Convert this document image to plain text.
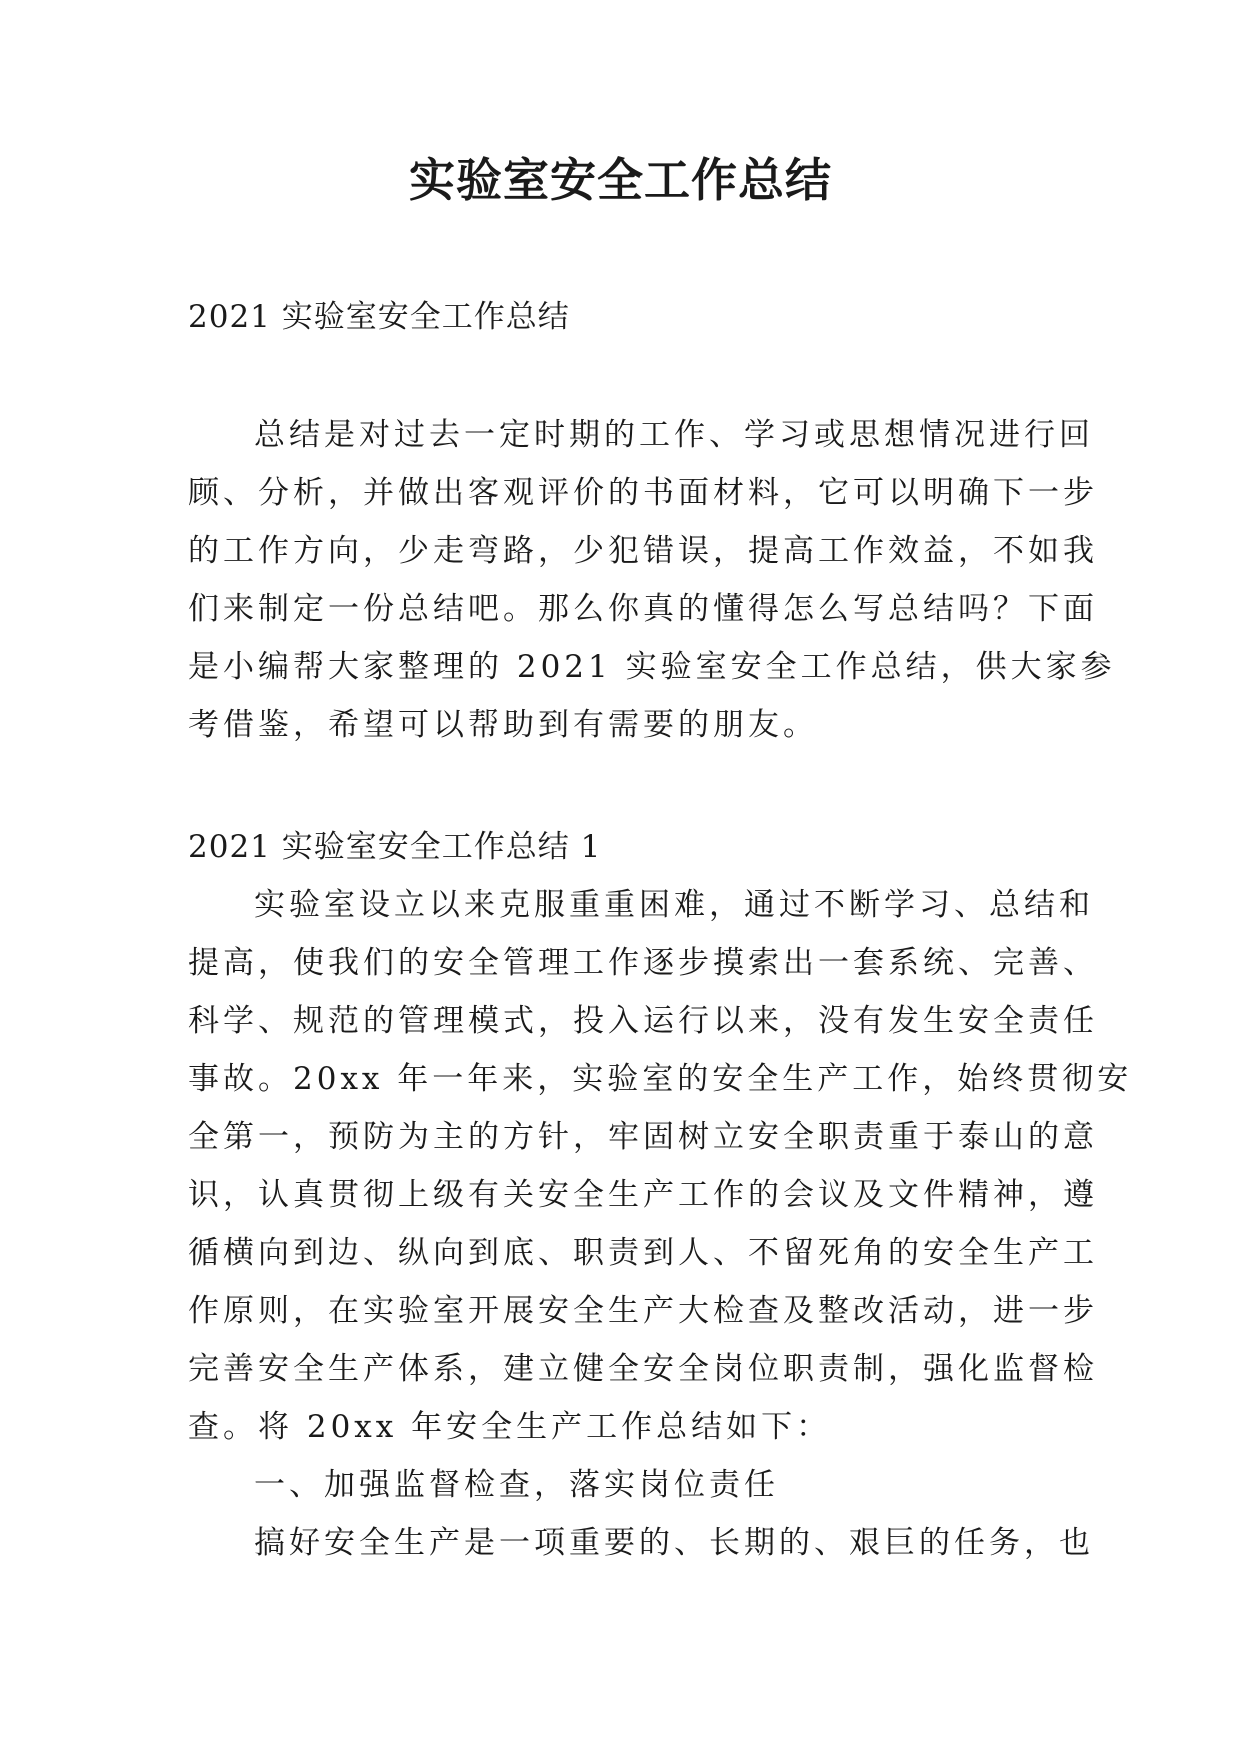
实验室安全工作总结
2021 实验室安全工作总结
总结是对过去一定时期的工作、学习或思想情况进行回
顾、分析，并做出客观评价的书面材料，它可以明确下一步
的工作方向，少走弯路，少犯错误，提高工作效益，不如我
们来制定一份总结吧。那么你真的懂得怎么写总结吗？下面
是小编帮大家整理的 2021 实验室安全工作总结，供大家参
考借鉴，希望可以帮助到有需要的朋友。
2021 实验室安全工作总结 1
实验室设立以来克服重重困难，通过不断学习、总结和
提高，使我们的安全管理工作逐步摸索出一套系统、完善、
科学、规范的管理模式，投入运行以来，没有发生安全责任
事故。20xx 年一年来，实验室的安全生产工作，始终贯彻安
全第一，预防为主的方针，牢固树立安全职责重于泰山的意
识，认真贯彻上级有关安全生产工作的会议及文件精神，遵
循横向到边、纵向到底、职责到人、不留死角的安全生产工
作原则，在实验室开展安全生产大检查及整改活动，进一步
完善安全生产体系，建立健全安全岗位职责制，强化监督检
查。将 20xx 年安全生产工作总结如下：
一、加强监督检查，落实岗位责任
搞好安全生产是一项重要的、长期的、艰巨的任务，也
